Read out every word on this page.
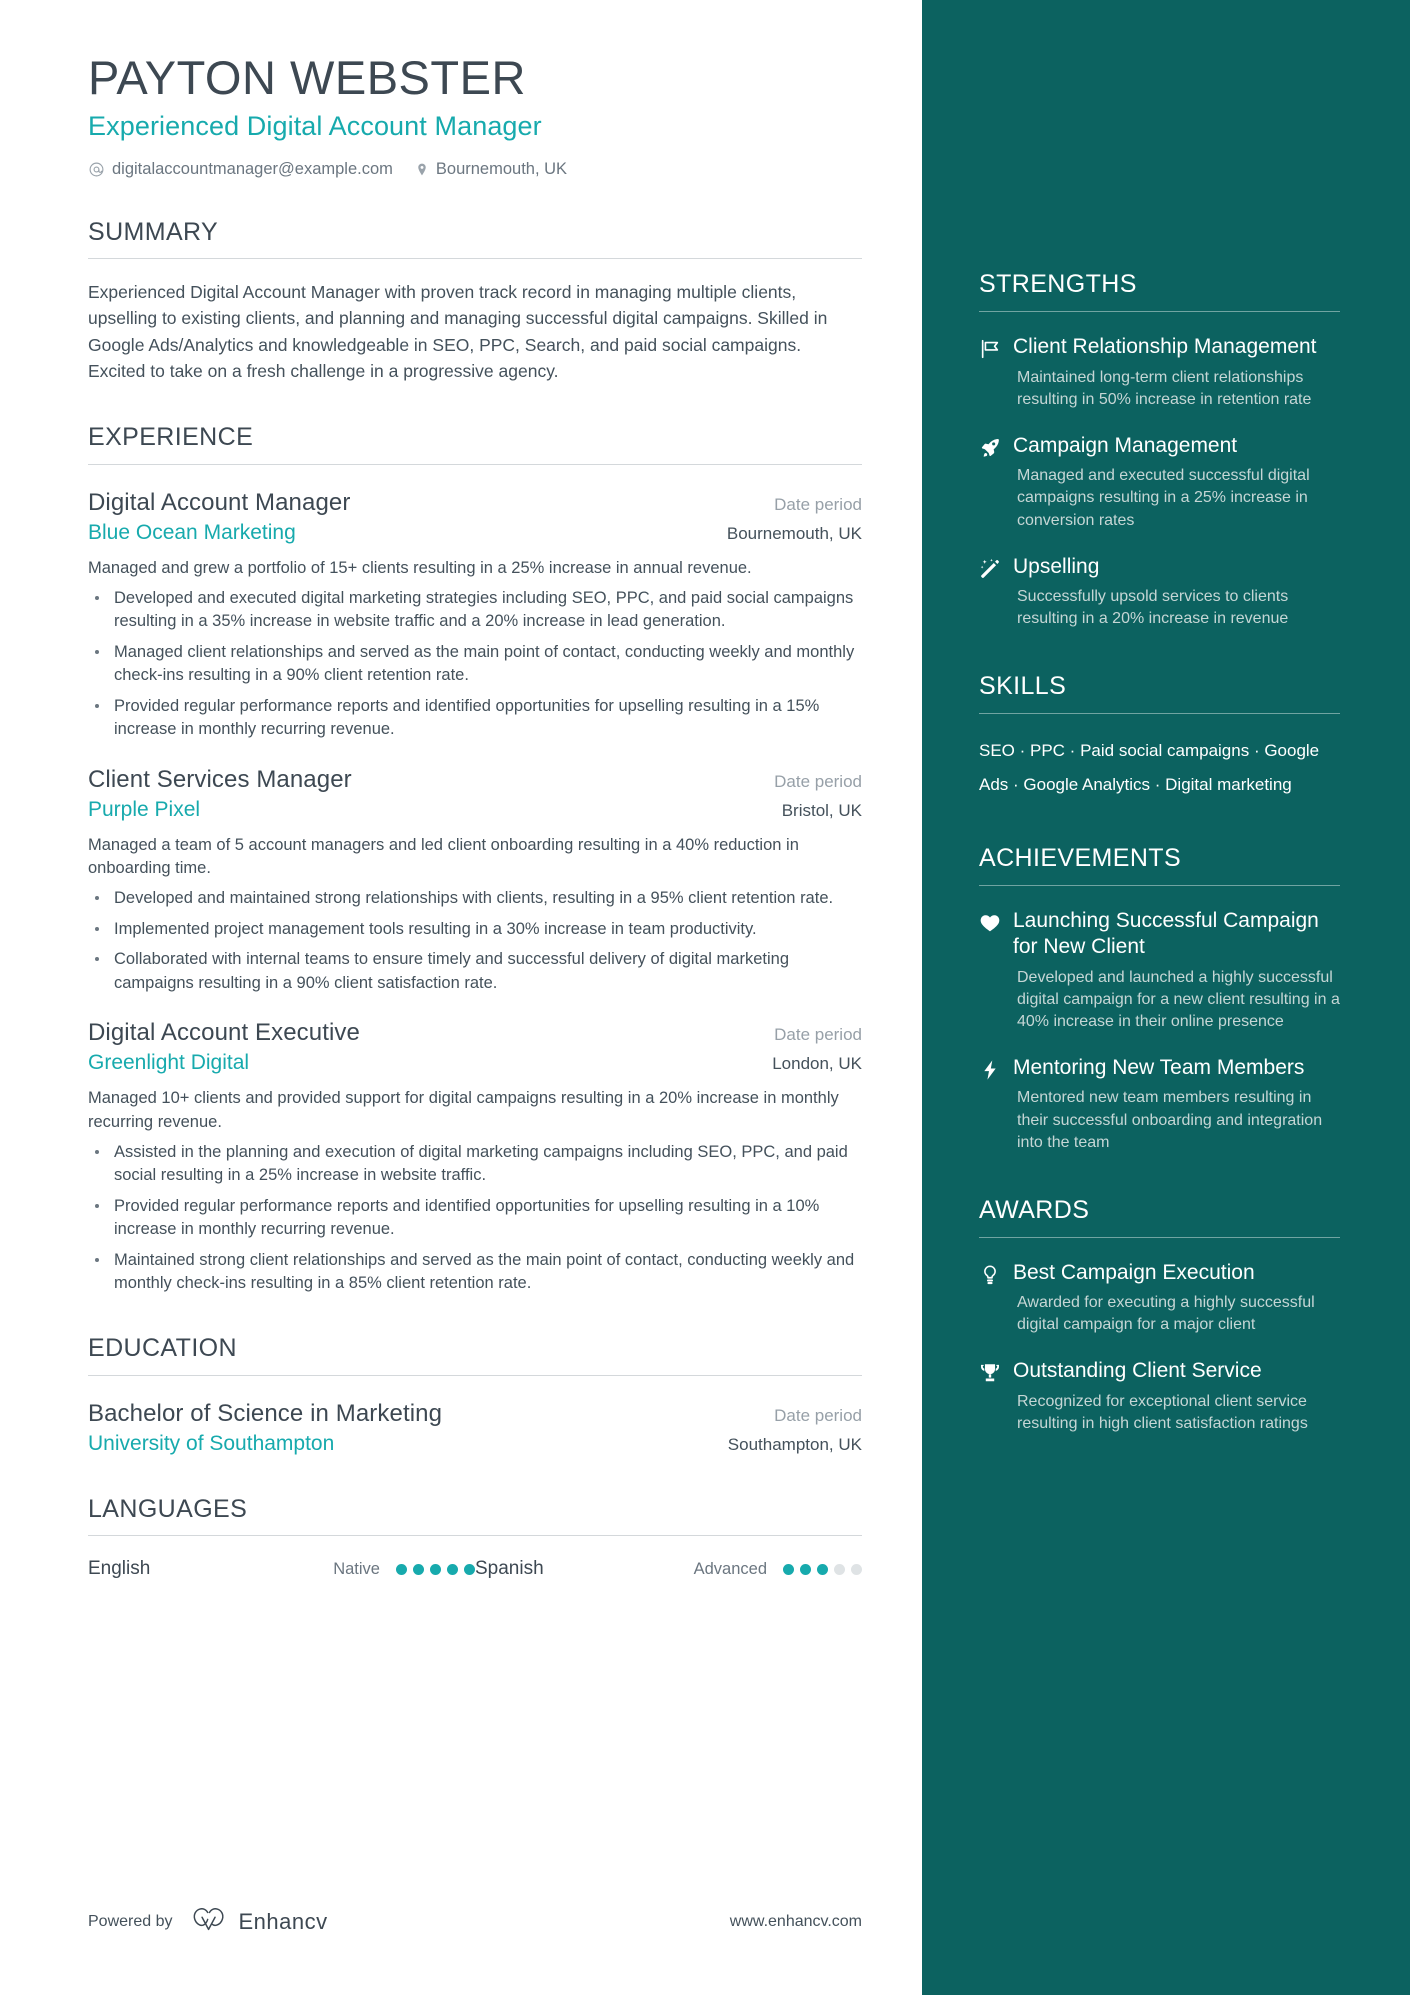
PAYTON WEBSTER
Experienced Digital Account Manager
digitalaccountmanager@example.com	Bournemouth, UK
SUMMARY

Experienced Digital Account Manager with proven track record in managing multiple clients, upselling to existing clients, and planning and managing successful digital campaigns. Skilled in Google Ads/Analytics and knowledgeable in SEO, PPC, Search, and paid social campaigns. Excited to take on a fresh challenge in a progressive agency.

EXPERIENCE
Digital Account Manager	Date period
Blue Ocean Marketing	Bournemouth, UK

Managed and grew a portfolio of 15+ clients resulting in a 25% increase in annual revenue.

Developed and executed digital marketing strategies including SEO, PPC, and paid social campaigns resulting in a 35% increase in website traffic and a 20% increase in lead generation.
Managed client relationships and served as the main point of contact, conducting weekly and monthly check-ins resulting in a 90% client retention rate.
Provided regular performance reports and identified opportunities for upselling resulting in a 15% increase in monthly recurring revenue.
Client Services Manager	Date period
Purple Pixel	Bristol, UK

Managed a team of 5 account managers and led client onboarding resulting in a 40% reduction in onboarding time.

Developed and maintained strong relationships with clients, resulting in a 95% client retention rate.
Implemented project management tools resulting in a 30% increase in team productivity.
Collaborated with internal teams to ensure timely and successful delivery of digital marketing campaigns resulting in a 90% client satisfaction rate.
Digital Account Executive	Date period
Greenlight Digital	London, UK

Managed 10+ clients and provided support for digital campaigns resulting in a 20% increase in monthly recurring revenue.

Assisted in the planning and execution of digital marketing campaigns including SEO, PPC, and paid social resulting in a 25% increase in website traffic.
Provided regular performance reports and identified opportunities for upselling resulting in a 10% increase in monthly recurring revenue.
Maintained strong client relationships and served as the main point of contact, conducting weekly and monthly check-ins resulting in a 85% client retention rate.
EDUCATION
Bachelor of Science in Marketing	Date period
University of Southampton	Southampton, UK
LANGUAGES
English	Native	Spanish	Advanced
Powered by	Enhancv	www.enhancv.com
STRENGTHS
Client Relationship Management
Maintained long-term client relationships resulting in 50% increase in retention rate
Campaign Management
Managed and executed successful digital campaigns resulting in a 25% increase in conversion rates
Upselling
Successfully upsold services to clients resulting in a 20% increase in revenue
SKILLS
SEO · PPC · Paid social campaigns · Google Ads · Google Analytics · Digital marketing
ACHIEVEMENTS
Launching Successful Campaign for New Client
Developed and launched a highly successful digital campaign for a new client resulting in a 40% increase in their online presence
Mentoring New Team Members
Mentored new team members resulting in their successful onboarding and integration into the team
AWARDS
Best Campaign Execution
Awarded for executing a highly successful digital campaign for a major client
Outstanding Client Service
Recognized for exceptional client service resulting in high client satisfaction ratings
